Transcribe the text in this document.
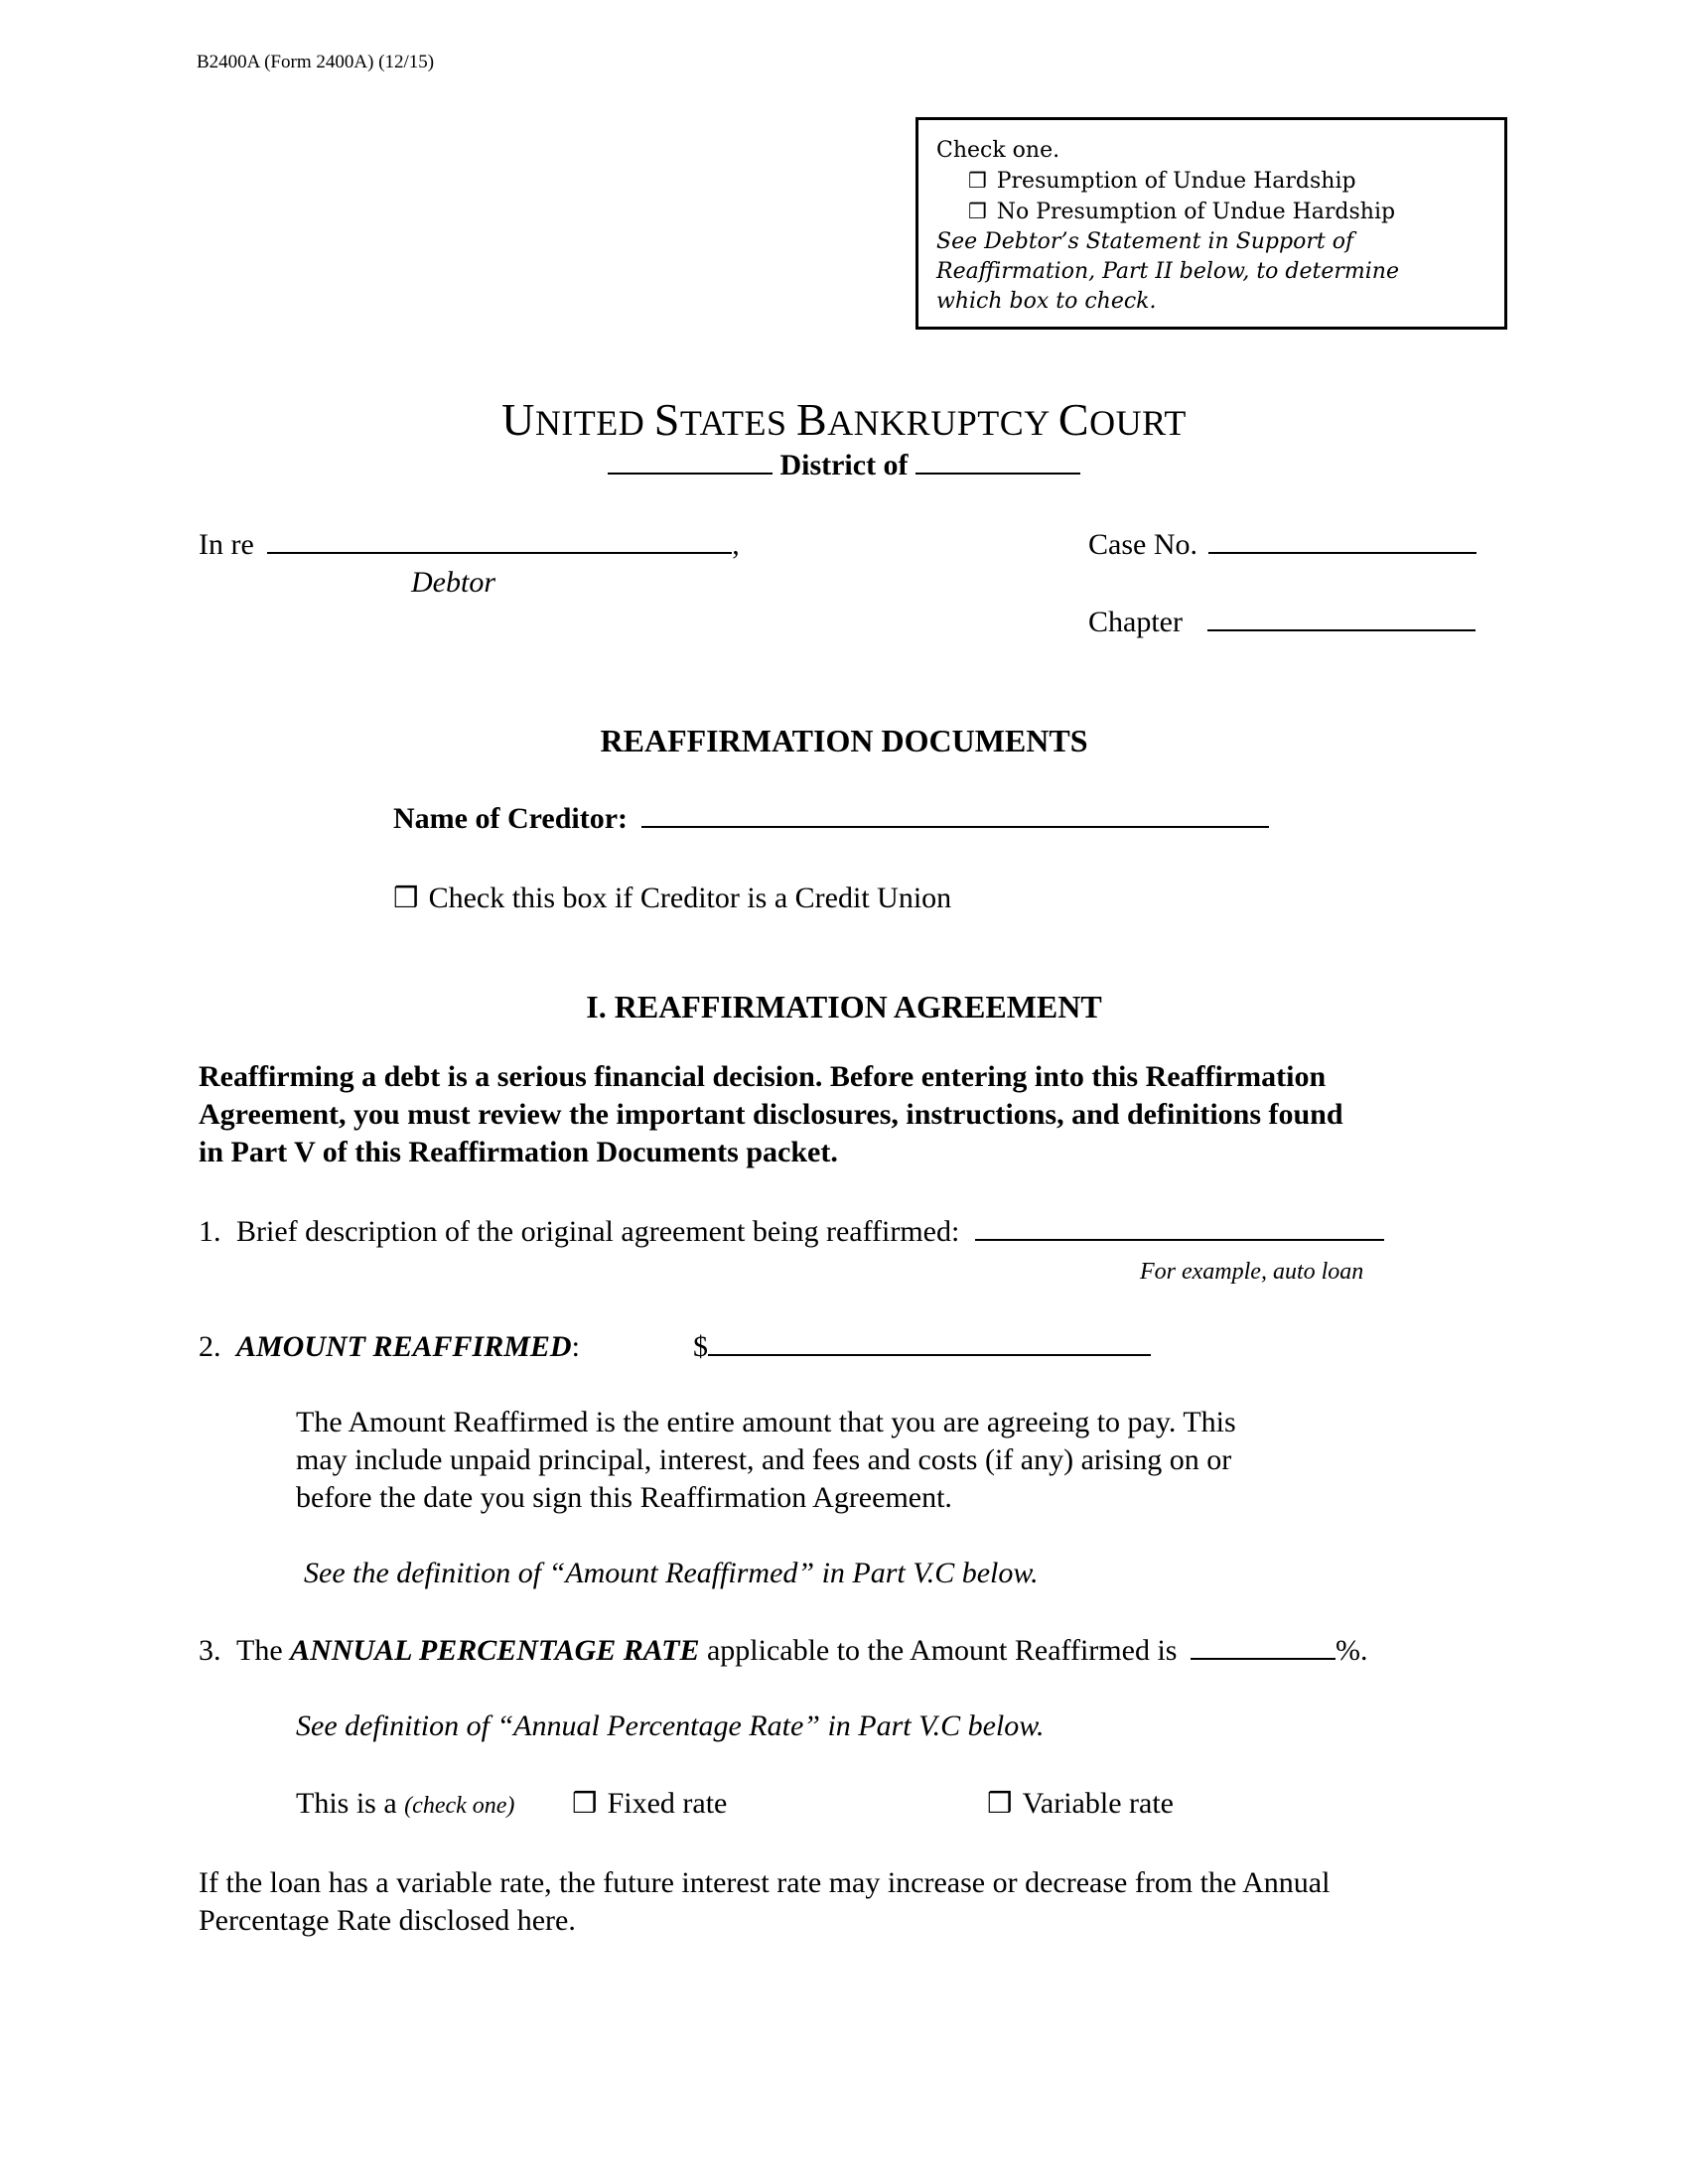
B2400A (Form 2400A) (12/15)
Check one.
❒ Presumption of Undue Hardship
❒ No Presumption of Undue Hardship
See Debtor’s Statement in Support of
Reaffirmation, Part II below, to determine
which box to check.
UNITED STATES BANKRUPTCY COURT
District of
In re	,
Debtor
Case No.
Chapter
REAFFIRMATION DOCUMENTS
Name of Creditor:
❒ Check this box if Creditor is a Credit Union
I. REAFFIRMATION AGREEMENT
Reaffirming a debt is a serious financial decision. Before entering into this Reaffirmation
Agreement, you must review the important disclosures, instructions, and definitions found
in Part V of this Reaffirmation Documents packet.
1. Brief description of the original agreement being reaffirmed:
For example, auto loan
2. AMOUNT REAFFIRMED:	$
The Amount Reaffirmed is the entire amount that you are agreeing to pay. This
may include unpaid principal, interest, and fees and costs (if any) arising on or
before the date you sign this Reaffirmation Agreement.
See the definition of “Amount Reaffirmed” in Part V.C below.
3. The ANNUAL PERCENTAGE RATE applicable to the Amount Reaffirmed is	%.
See definition of “Annual Percentage Rate” in Part V.C below.
This is a (check one) ❒ Fixed rate	❒ Variable rate
If the loan has a variable rate, the future interest rate may increase or decrease from the Annual
Percentage Rate disclosed here.
